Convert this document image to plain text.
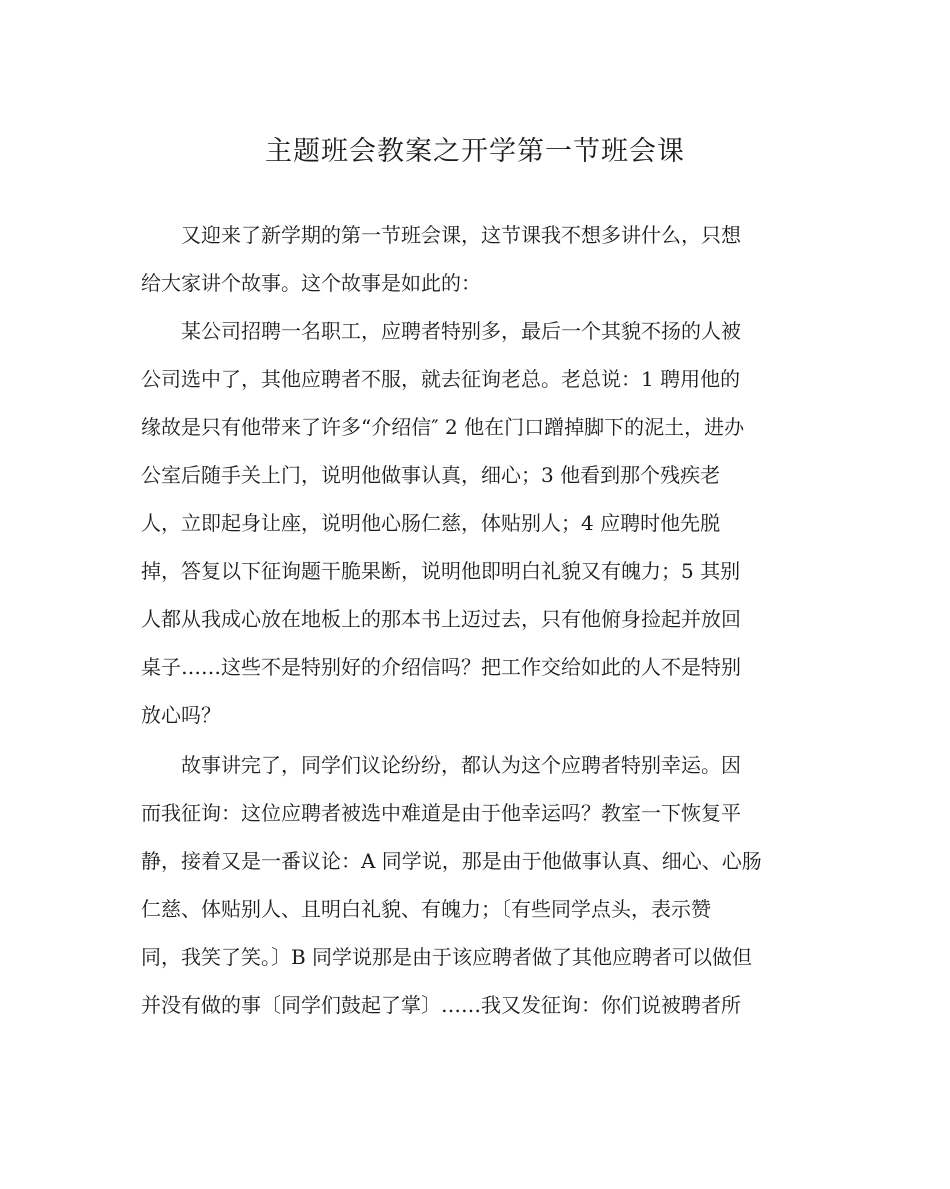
主题班会教案之开学第一节班会课
　　又迎来了新学期的第一节班会课，这节课我不想多讲什么，只想
给大家讲个故事。这个故事是如此的：
　　某公司招聘一名职工，应聘者特别多，最后一个其貌不扬的人被
公司选中了，其他应聘者不服，就去征询老总。老总说：1 聘用他的
缘故是只有他带来了许多“介绍信″ 2 他在门口蹭掉脚下的泥土，进办
公室后随手关上门，说明他做事认真，细心；3 他看到那个残疾老
人，立即起身让座，说明他心肠仁慈，体贴别人；4 应聘时他先脱
掉，答复以下征询题干脆果断，说明他即明白礼貌又有魄力；5 其别
人都从我成心放在地板上的那本书上迈过去，只有他俯身捡起并放回
桌子……这些不是特别好的介绍信吗？把工作交给如此的人不是特别
放心吗？
　　故事讲完了，同学们议论纷纷，都认为这个应聘者特别幸运。因
而我征询：这位应聘者被选中难道是由于他幸运吗？教室一下恢复平
静，接着又是一番议论：A 同学说，那是由于他做事认真、细心、心肠
仁慈、体贴别人、且明白礼貌、有魄力；〔有些同学点头，表示赞
同，我笑了笑。〕B 同学说那是由于该应聘者做了其他应聘者可以做但
并没有做的事〔同学们鼓起了掌〕……我又发征询：你们说被聘者所
